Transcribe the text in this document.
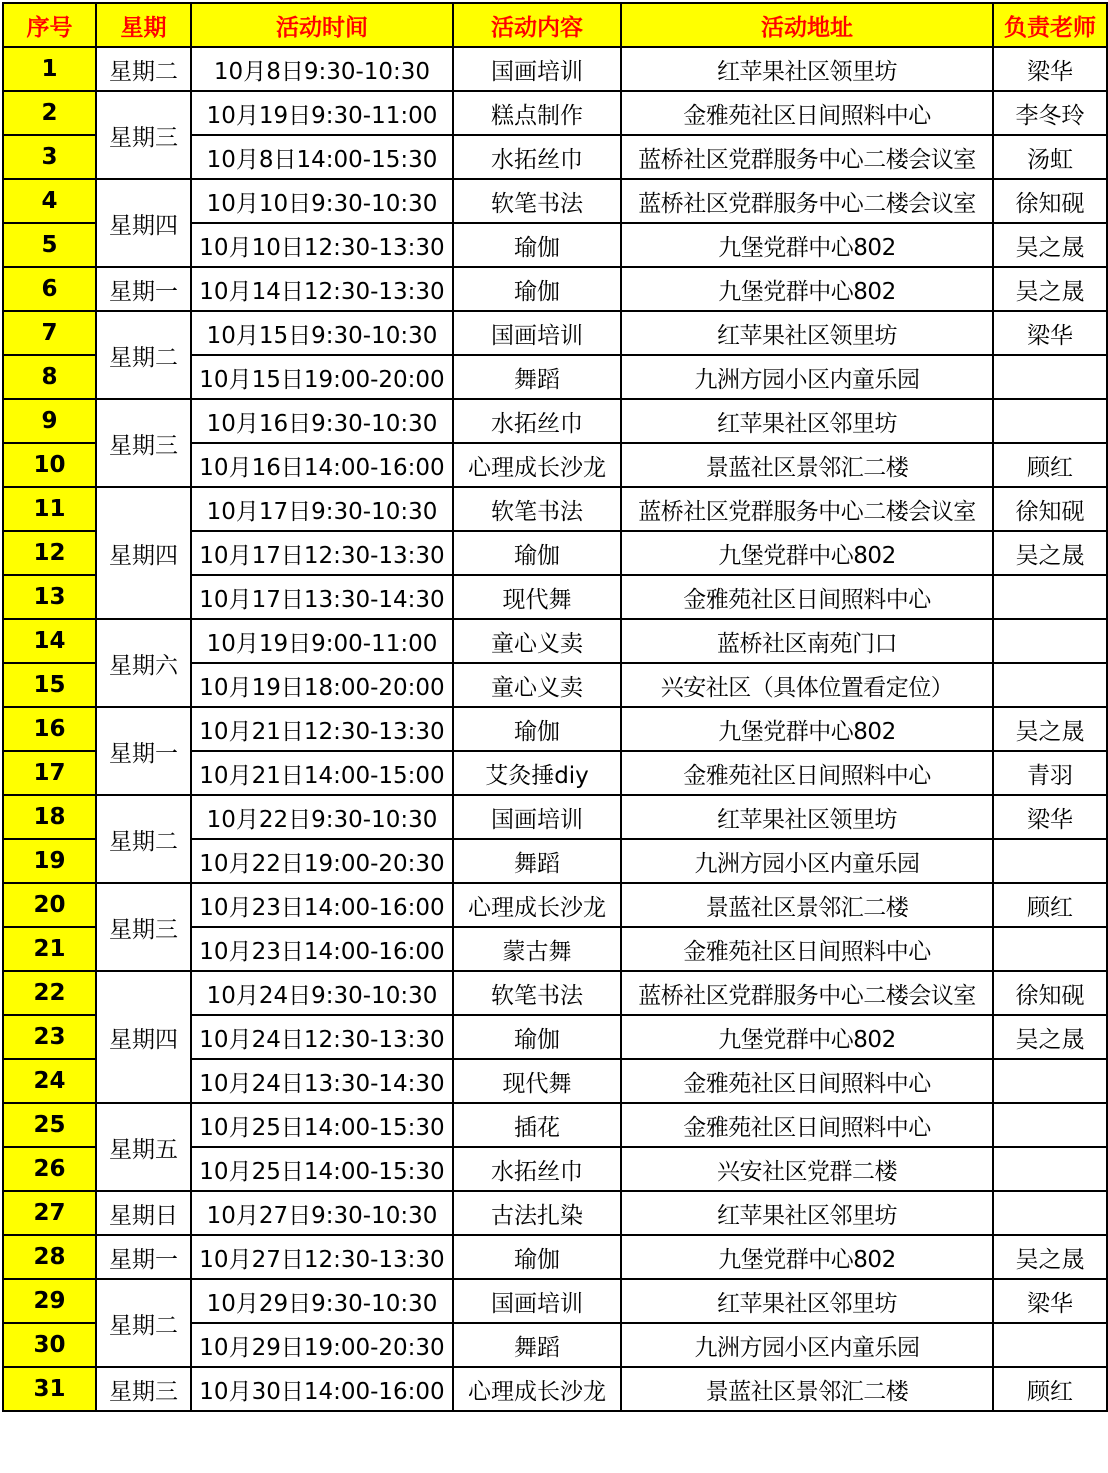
序号	星期	活动时间	活动内容	活动地址	负责老师
1	星期二	10月8日9:30-10:30	国画培训	红苹果社区领里坊	梁华
2	星期三	10月19日9:30-11:00	糕点制作	金雅苑社区日间照料中心	李冬玲
3		10月8日14:00-15:30	水拓丝巾	蓝桥社区党群服务中心二楼会议室	汤虹
4	星期四	10月10日9:30-10:30	软笔书法	蓝桥社区党群服务中心二楼会议室	徐知砚
5		10月10日12:30-13:30	瑜伽	九堡党群中心802	吴之晟
6	星期一	10月14日12:30-13:30	瑜伽	九堡党群中心802	吴之晟
7	星期二	10月15日9:30-10:30	国画培训	红苹果社区领里坊	梁华
8		10月15日19:00-20:00	舞蹈	九洲方园小区内童乐园	
9	星期三	10月16日9:30-10:30	水拓丝巾	红苹果社区邻里坊	
10		10月16日14:00-16:00	心理成长沙龙	景蓝社区景邻汇二楼	顾红
11	星期四	10月17日9:30-10:30	软笔书法	蓝桥社区党群服务中心二楼会议室	徐知砚
12		10月17日12:30-13:30	瑜伽	九堡党群中心802	吴之晟
13		10月17日13:30-14:30	现代舞	金雅苑社区日间照料中心	
14	星期六	10月19日9:00-11:00	童心义卖	蓝桥社区南苑门口	
15		10月19日18:00-20:00	童心义卖	兴安社区（具体位置看定位）	
16	星期一	10月21日12:30-13:30	瑜伽	九堡党群中心802	吴之晟
17		10月21日14:00-15:00	艾灸捶diy	金雅苑社区日间照料中心	青羽
18	星期二	10月22日9:30-10:30	国画培训	红苹果社区领里坊	梁华
19		10月22日19:00-20:30	舞蹈	九洲方园小区内童乐园	
20	星期三	10月23日14:00-16:00	心理成长沙龙	景蓝社区景邻汇二楼	顾红
21		10月23日14:00-16:00	蒙古舞	金雅苑社区日间照料中心	
22	星期四	10月24日9:30-10:30	软笔书法	蓝桥社区党群服务中心二楼会议室	徐知砚
23		10月24日12:30-13:30	瑜伽	九堡党群中心802	吴之晟
24		10月24日13:30-14:30	现代舞	金雅苑社区日间照料中心	
25	星期五	10月25日14:00-15:30	插花	金雅苑社区日间照料中心	
26		10月25日14:00-15:30	水拓丝巾	兴安社区党群二楼	
27	星期日	10月27日9:30-10:30	古法扎染	红苹果社区邻里坊	
28	星期一	10月27日12:30-13:30	瑜伽	九堡党群中心802	吴之晟
29	星期二	10月29日9:30-10:30	国画培训	红苹果社区邻里坊	梁华
30		10月29日19:00-20:30	舞蹈	九洲方园小区内童乐园	
31	星期三	10月30日14:00-16:00	心理成长沙龙	景蓝社区景邻汇二楼	顾红
